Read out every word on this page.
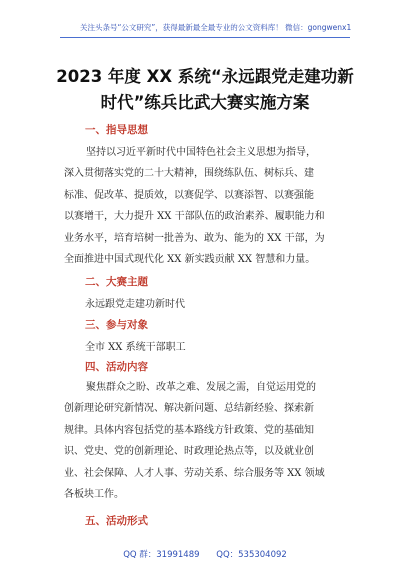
关注头条号“公文研究”，获得最新最全最专业的公文资料库！ 微信：gongwenx1
2023 年度 XX 系统“永远跟党走建功新
时代”练兵比武大赛实施方案
一、指导思想
坚持以习近平新时代中国特色社会主义思想为指导，
深入贯彻落实党的二十大精神，围绕练队伍、树标兵、建
标准、促改革、提质效，以赛促学、以赛添智、以赛强能
以赛增干，大力提升 XX 干部队伍的政治素养、履职能力和
业务水平，培育培树一批善为、敢为、能为的 XX 干部，为
全面推进中国式现代化 XX 新实践贡献 XX 智慧和力量。
二、大赛主题
永远跟党走建功新时代
三、参与对象
全市 XX 系统干部职工
四、活动内容
聚焦群众之盼、改革之难、发展之需，自觉运用党的
创新理论研究新情况、解决新问题、总结新经验、探索新
规律。具体内容包括党的基本路线方针政策、党的基础知
识、党史、党的创新理论、时政理论热点等，以及就业创
业、社会保障、人才人事、劳动关系、综合服务等 XX 领域
各板块工作。
五、活动形式
QQ 群：31991489 QQ：535304092
